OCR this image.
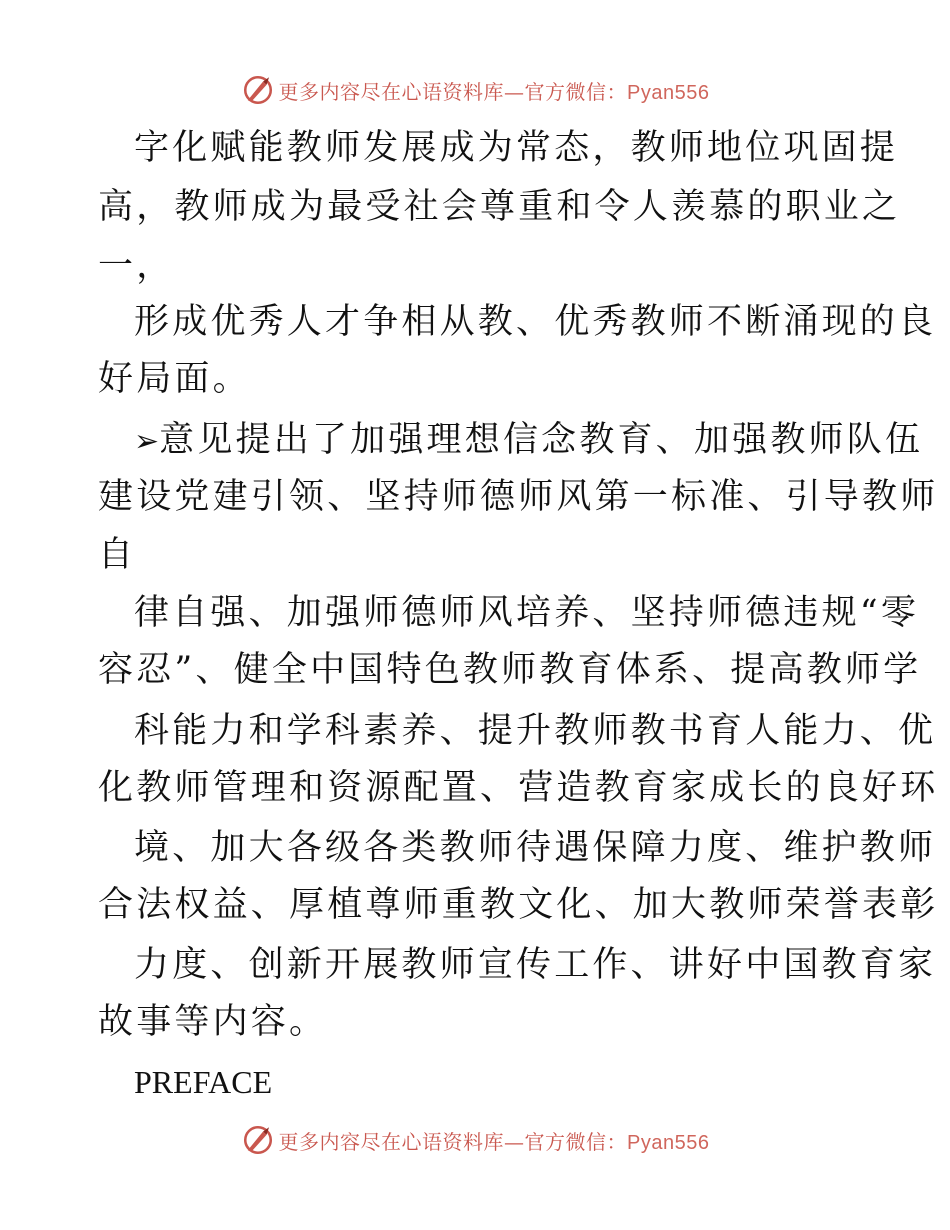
更多内容尽在心语资料库—官方微信：Pyan556
字化赋能教师发展成为常态，教师地位巩固提
高，教师成为最受社会尊重和令人羡慕的职业之
一，
形成优秀人才争相从教、优秀教师不断涌现的良
好局面。
➢意见提出了加强理想信念教育、加强教师队伍
建设党建引领、坚持师德师风第一标准、引导教师
自
律自强、加强师德师风培养、坚持师德违规“零
容忍”、健全中国特色教师教育体系、提高教师学
科能力和学科素养、提升教师教书育人能力、优
化教师管理和资源配置、营造教育家成长的良好环
境、加大各级各类教师待遇保障力度、维护教师
合法权益、厚植尊师重教文化、加大教师荣誉表彰
力度、创新开展教师宣传工作、讲好中国教育家
故事等内容。
PREFACE
更多内容尽在心语资料库—官方微信：Pyan556
